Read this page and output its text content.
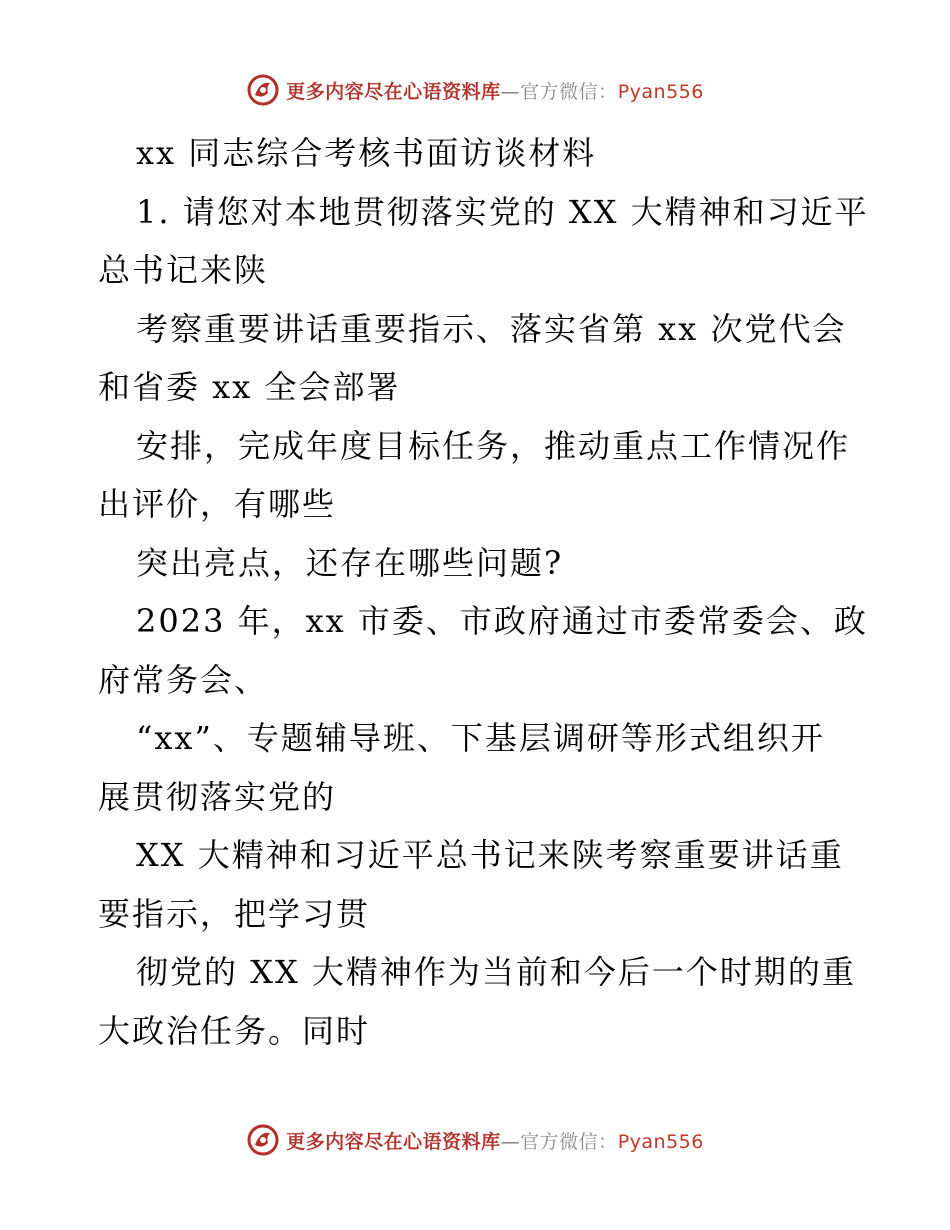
更多内容尽在心语资料库—官方微信：Pyan556
xx 同志综合考核书面访谈材料
1. 请您对本地贯彻落实党的 XX 大精神和习近平
总书记来陕
考察重要讲话重要指示、落实省第 xx 次党代会
和省委 xx 全会部署
安排，完成年度目标任务，推动重点工作情况作
出评价，有哪些
突出亮点，还存在哪些问题?
2023 年，xx 市委、市政府通过市委常委会、政
府常务会、
“xx”、专题辅导班、下基层调研等形式组织开
展贯彻落实党的
XX 大精神和习近平总书记来陕考察重要讲话重
要指示，把学习贯
彻党的 XX 大精神作为当前和今后一个时期的重
大政治任务。同时
更多内容尽在心语资料库—官方微信：Pyan556
